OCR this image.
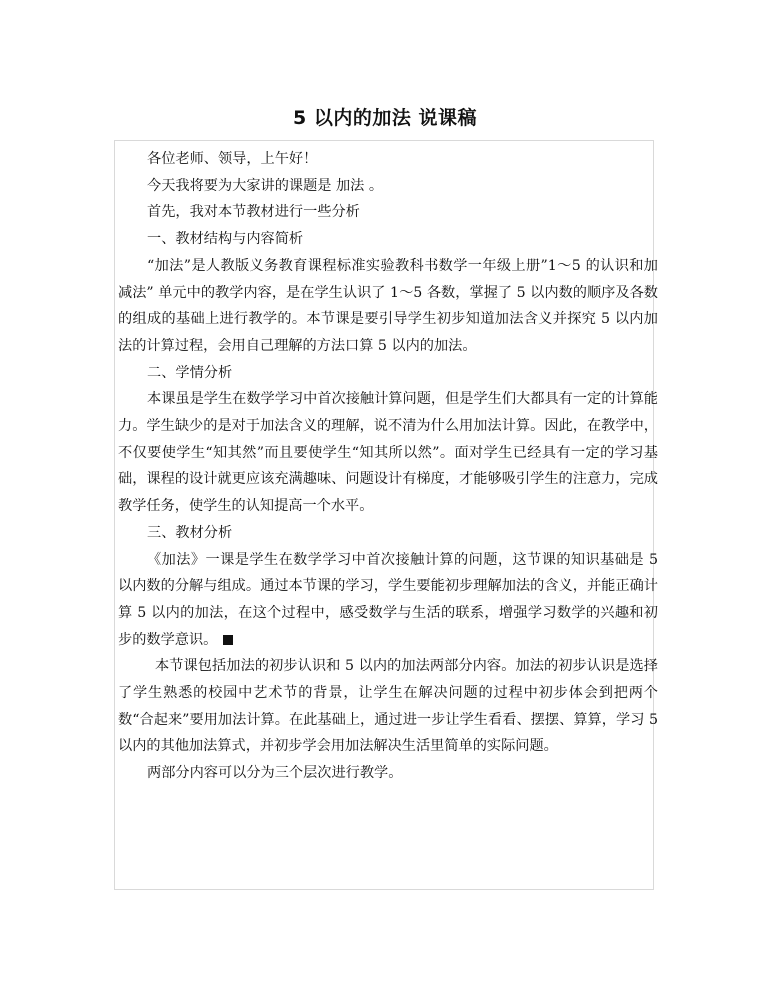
5 以内的加法 说课稿

各位老师、领导，上午好！

今天我将要为大家讲的课题是 加法 。

首先，我对本节教材进行一些分析

一、教材结构与内容简析

“加法”是人教版义务教育课程标准实验教科书数学一年级上册”1～5 的认识和加减法” 单元中的教学内容，是在学生认识了 1～5 各数，掌握了 5 以内数的顺序及各数的组成的基础上进行教学的。本节课是要引导学生初步知道加法含义并探究 5 以内加法的计算过程，会用自己理解的方法口算 5 以内的加法。

二、学情分析

本课虽是学生在数学学习中首次接触计算问题，但是学生们大都具有一定的计算能力。学生缺少的是对于加法含义的理解，说不清为什么用加法计算。因此，在教学中，不仅要使学生“知其然”而且要使学生“知其所以然”。面对学生已经具有一定的学习基础，课程的设计就更应该充满趣味、问题设计有梯度，才能够吸引学生的注意力，完成教学任务，使学生的认知提高一个水平。

三、教材分析

《加法》一课是学生在数学学习中首次接触计算的问题，这节课的知识基础是 5 以内数的分解与组成。通过本节课的学习，学生要能初步理解加法的含义，并能正确计算 5 以内的加法，在这个过程中，感受数学与生活的联系，增强学习数学的兴趣和初步的数学意识。

本节课包括加法的初步认识和 5 以内的加法两部分内容。加法的初步认识是选择了学生熟悉的校园中艺术节的背景，让学生在解决问题的过程中初步体会到把两个数“合起来”要用加法计算。在此基础上，通过进一步让学生看看、摆摆、算算，学习 5 以内的其他加法算式，并初步学会用加法解决生活里简单的实际问题。

两部分内容可以分为三个层次进行教学。
